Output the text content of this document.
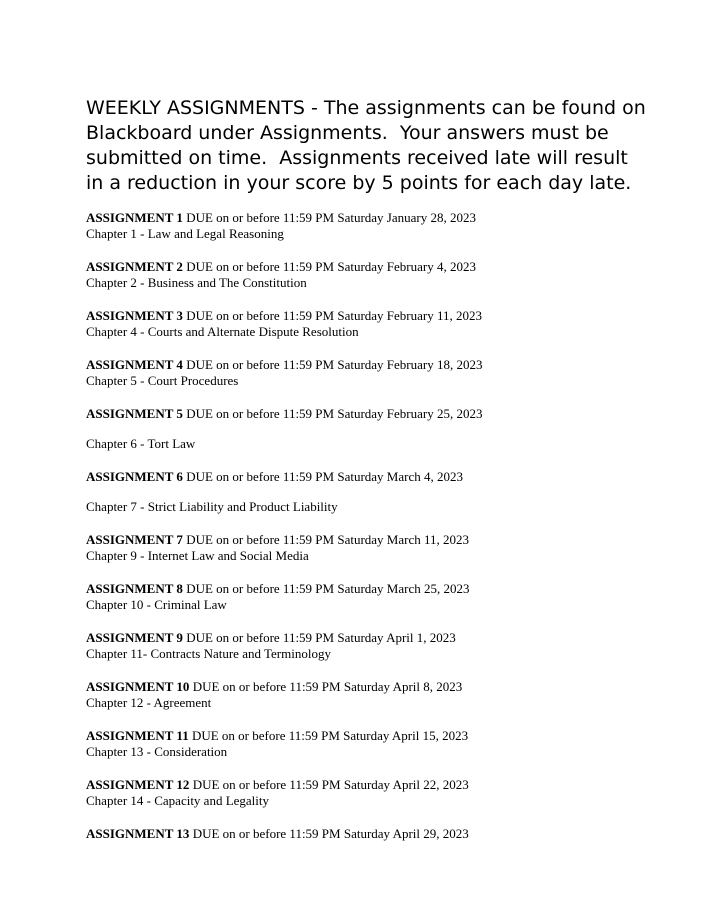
WEEKLY ASSIGNMENTS - The assignments can be found on Blackboard under Assignments.  Your answers must be submitted on time.  Assignments received late will result in a reduction in your score by 5 points for each day late.

ASSIGNMENT 1 DUE on or before 11:59 PM Saturday January 28, 2023
Chapter 1 - Law and Legal Reasoning
ASSIGNMENT 2 DUE on or before 11:59 PM Saturday February 4, 2023
Chapter 2 - Business and The Constitution
ASSIGNMENT 3 DUE on or before 11:59 PM Saturday February 11, 2023
Chapter 4 - Courts and Alternate Dispute Resolution
ASSIGNMENT 4 DUE on or before 11:59 PM Saturday February 18, 2023
Chapter 5 - Court Procedures
ASSIGNMENT 5 DUE on or before 11:59 PM Saturday February 25, 2023
Chapter 6 - Tort Law
ASSIGNMENT 6 DUE on or before 11:59 PM Saturday March 4, 2023
Chapter 7 - Strict Liability and Product Liability
ASSIGNMENT 7 DUE on or before 11:59 PM Saturday March 11, 2023
Chapter 9 - Internet Law and Social Media
ASSIGNMENT 8 DUE on or before 11:59 PM Saturday March 25, 2023
Chapter 10 - Criminal Law
ASSIGNMENT 9 DUE on or before 11:59 PM Saturday April 1, 2023
Chapter 11- Contracts Nature and Terminology
ASSIGNMENT 10 DUE on or before 11:59 PM Saturday April 8, 2023
Chapter 12 - Agreement
ASSIGNMENT 11 DUE on or before 11:59 PM Saturday April 15, 2023
Chapter 13 - Consideration
ASSIGNMENT 12 DUE on or before 11:59 PM Saturday April 22, 2023
Chapter 14 - Capacity and Legality
ASSIGNMENT 13 DUE on or before 11:59 PM Saturday April 29, 2023
